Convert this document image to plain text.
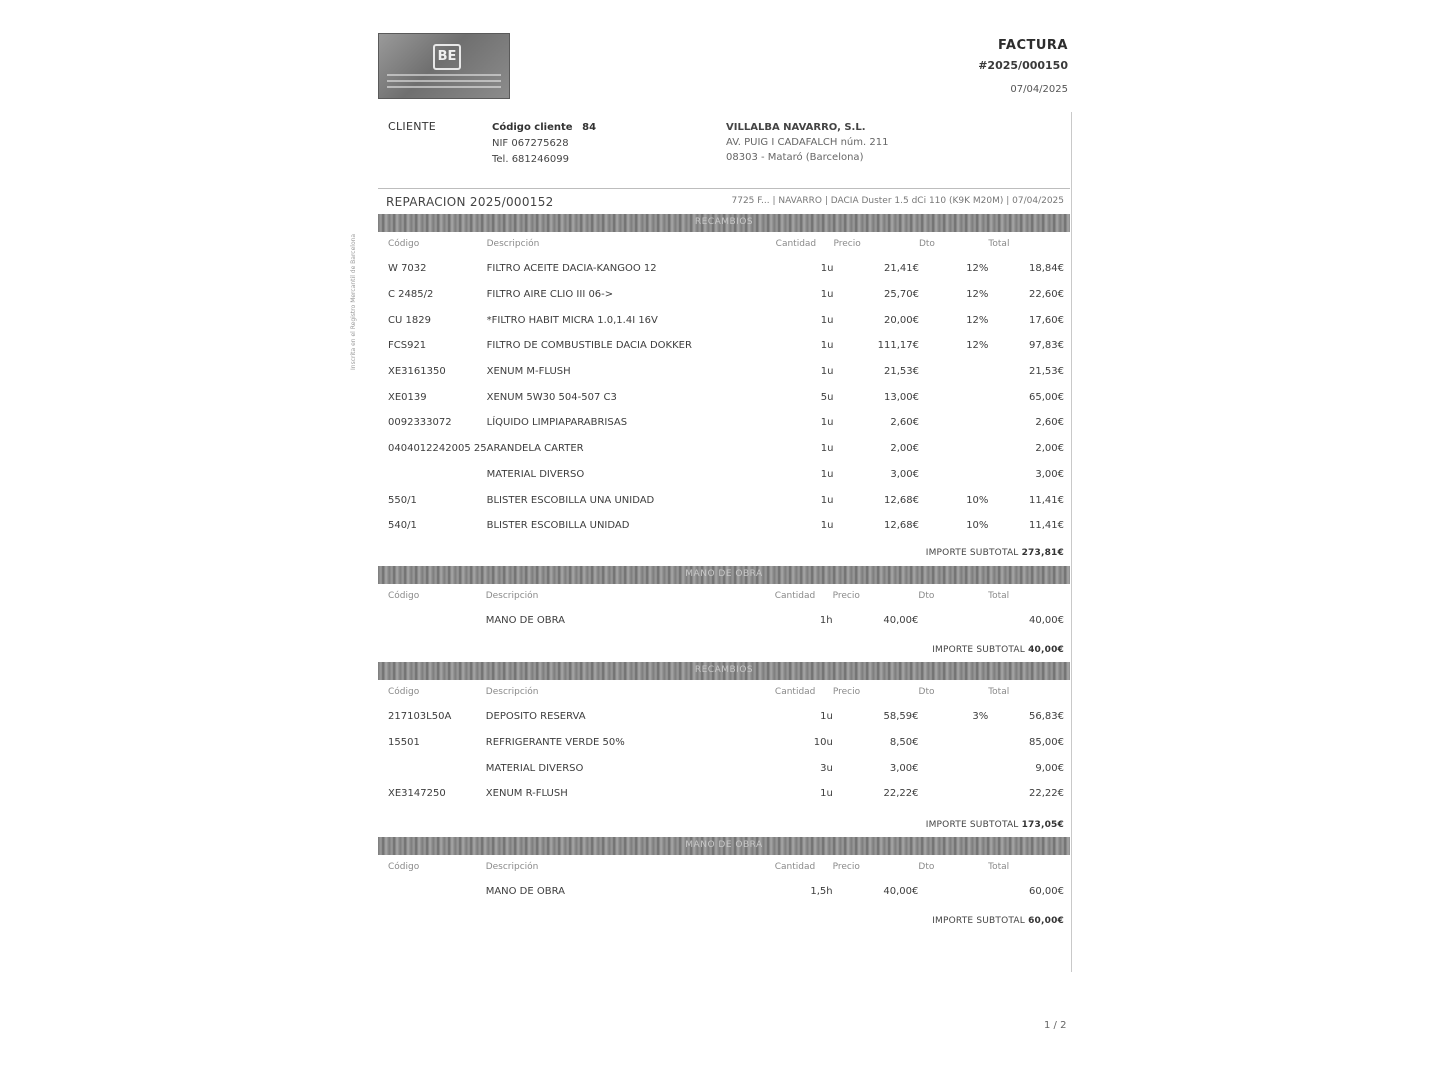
BE
FACTURA
#2025/000150
07/04/2025
CLIENTE	Código cliente 84
NIF 067275628
Tel. 681246099
VILLALBA NAVARRO, S.L.
AV. PUIG I CADAFALCH núm. 211
08303 - Mataró (Barcelona)
REPARACION 2025/000152	7725 F... | NAVARRO | DACIA Duster 1.5 dCi 110 (K9K M20M) | 07/04/2025
RECAMBIOS
Código	Descripción	Cantidad	Precio	Dto	Total
W 7032	FILTRO ACEITE DACIA-KANGOO 12	1u	21,41€	12%	18,84€
C 2485/2	FILTRO AIRE CLIO III 06->	1u	25,70€	12%	22,60€
CU 1829	*FILTRO HABIT MICRA 1.0,1.4I 16V	1u	20,00€	12%	17,60€
FCS921	FILTRO DE COMBUSTIBLE DACIA DOKKER	1u	111,17€	12%	97,83€
XE3161350	XENUM M-FLUSH	1u	21,53€		21,53€
XE0139	XENUM 5W30 504-507 C3	5u	13,00€		65,00€
0092333072	LÍQUIDO LIMPIAPARABRISAS	1u	2,60€		2,60€
0404012242005 25	ARANDELA CARTER	1u	2,00€		2,00€
	MATERIAL DIVERSO	1u	3,00€		3,00€
550/1	BLISTER ESCOBILLA UNA UNIDAD	1u	12,68€	10%	11,41€
540/1	BLISTER ESCOBILLA UNIDAD	1u	12,68€	10%	11,41€
IMPORTE SUBTOTAL 273,81€
MANO DE OBRA
Código	Descripción	Cantidad	Precio	Dto	Total
	MANO DE OBRA	1h	40,00€		40,00€
IMPORTE SUBTOTAL 40,00€
RECAMBIOS
Código	Descripción	Cantidad	Precio	Dto	Total
217103L50A	DEPOSITO RESERVA	1u	58,59€	3%	56,83€
15501	REFRIGERANTE VERDE 50%	10u	8,50€		85,00€
	MATERIAL DIVERSO	3u	3,00€		9,00€
XE3147250	XENUM R-FLUSH	1u	22,22€		22,22€
IMPORTE SUBTOTAL 173,05€
MANO DE OBRA
Código	Descripción	Cantidad	Precio	Dto	Total
	MANO DE OBRA	1,5h	40,00€		60,00€
IMPORTE SUBTOTAL 60,00€
Inscrita en el Registro Mercantil de Barcelona
1 / 2
